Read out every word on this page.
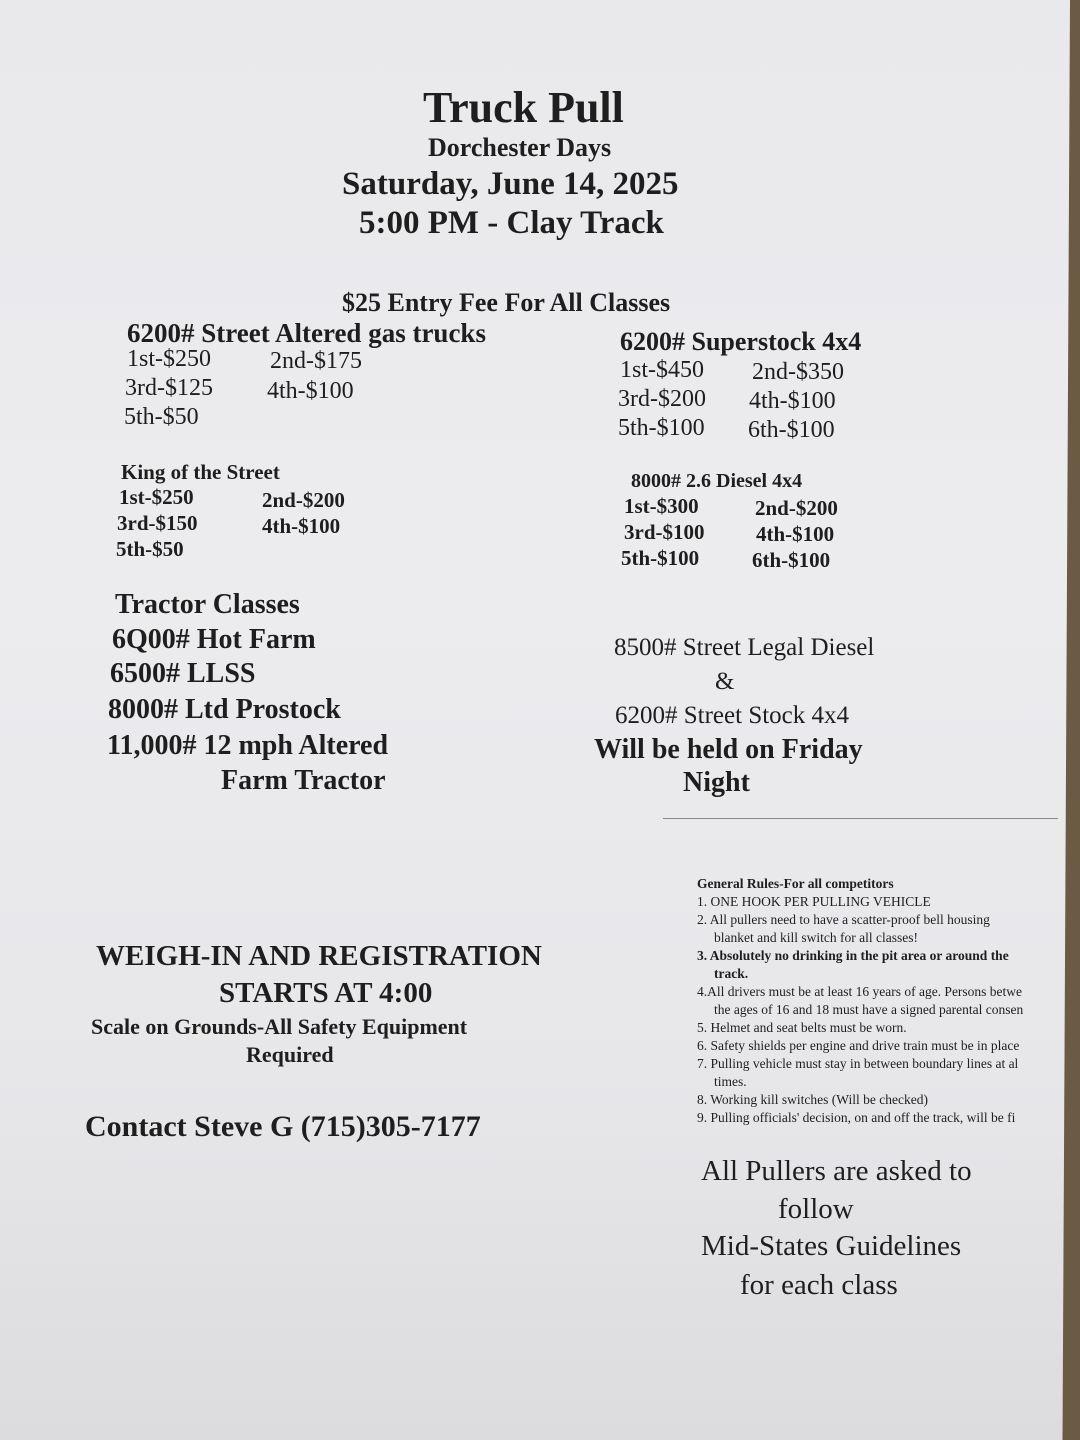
Truck Pull
Dorchester Days
Saturday, June 14, 2025
5:00 PM - Clay Track
$25 Entry Fee For All Classes
6200# Street Altered gas trucks
1st-$250 2nd-$175
3rd-$125 4th-$100
5th-$50
6200# Superstock 4x4
1st-$450 2nd-$350
3rd-$200 4th-$100
5th-$100 6th-$100
King of the Street
1st-$250	2nd-$200
3rd-$150	4th-$100
5th-$50
8000# 2.6 Diesel 4x4
1st-$300	2nd-$200
3rd-$100 4th-$100
5th-$100	6th-$100
Tractor Classes
6Q00# Hot Farm
6500# LLSS
8000# Ltd Prostock
11,000# 12 mph Altered
Farm Tractor
8500# Street Legal Diesel
&
6200# Street Stock 4x4
Will be held on Friday
Night
WEIGH-IN AND REGISTRATION
STARTS AT 4:00
Scale on Grounds-All Safety Equipment
Required
Contact Steve G (715)305-7177
General Rules-For all competitors
1. ONE HOOK PER PULLING VEHICLE
2. All pullers need to have a scatter-proof bell housing
blanket and kill switch for all classes!
3. Absolutely no drinking in the pit area or around the
track.
4.All drivers must be at least 16 years of age. Persons betwe
the ages of 16 and 18 must have a signed parental consen
5. Helmet and seat belts must be worn.
6. Safety shields per engine and drive train must be in place
7. Pulling vehicle must stay in between boundary lines at al
times.
8. Working kill switches (Will be checked)
9. Pulling officials' decision, on and off the track, will be fi
All Pullers are asked to
follow
Mid-States Guidelines
for each class
